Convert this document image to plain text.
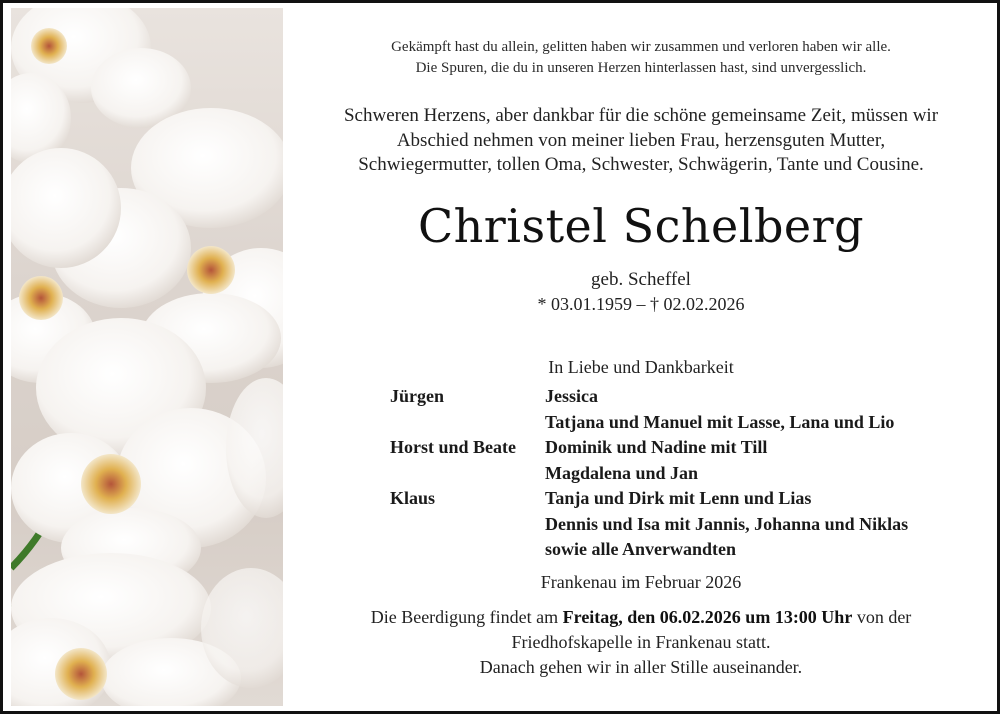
Gekämpft hast du allein, gelitten haben wir zusammen und verloren haben wir alle.
Die Spuren, die du in unseren Herzen hinterlassen hast, sind unvergesslich.
Schweren Herzens, aber dankbar für die schöne gemeinsame Zeit, müssen wir
Abschied nehmen von meiner lieben Frau, herzensguten Mutter,
Schwiegermutter, tollen Oma, Schwester, Schwägerin, Tante und Cousine.
Christel Schelberg
geb. Scheffel
* 03.01.1959 – † 02.02.2026
In Liebe und Dankbarkeit
Jürgen	Jessica
Tatjana und Manuel mit Lasse, Lana und Lio
Horst und Beate Dominik und Nadine mit Till
Magdalena und Jan
Klaus	Tanja und Dirk mit Lenn und Lias
Dennis und Isa mit Jannis, Johanna und Niklas
sowie alle Anverwandten
Frankenau im Februar 2026
Die Beerdigung findet am Freitag, den 06.02.2026 um 13:00 Uhr von der
Friedhofskapelle in Frankenau statt.
Danach gehen wir in aller Stille auseinander.
